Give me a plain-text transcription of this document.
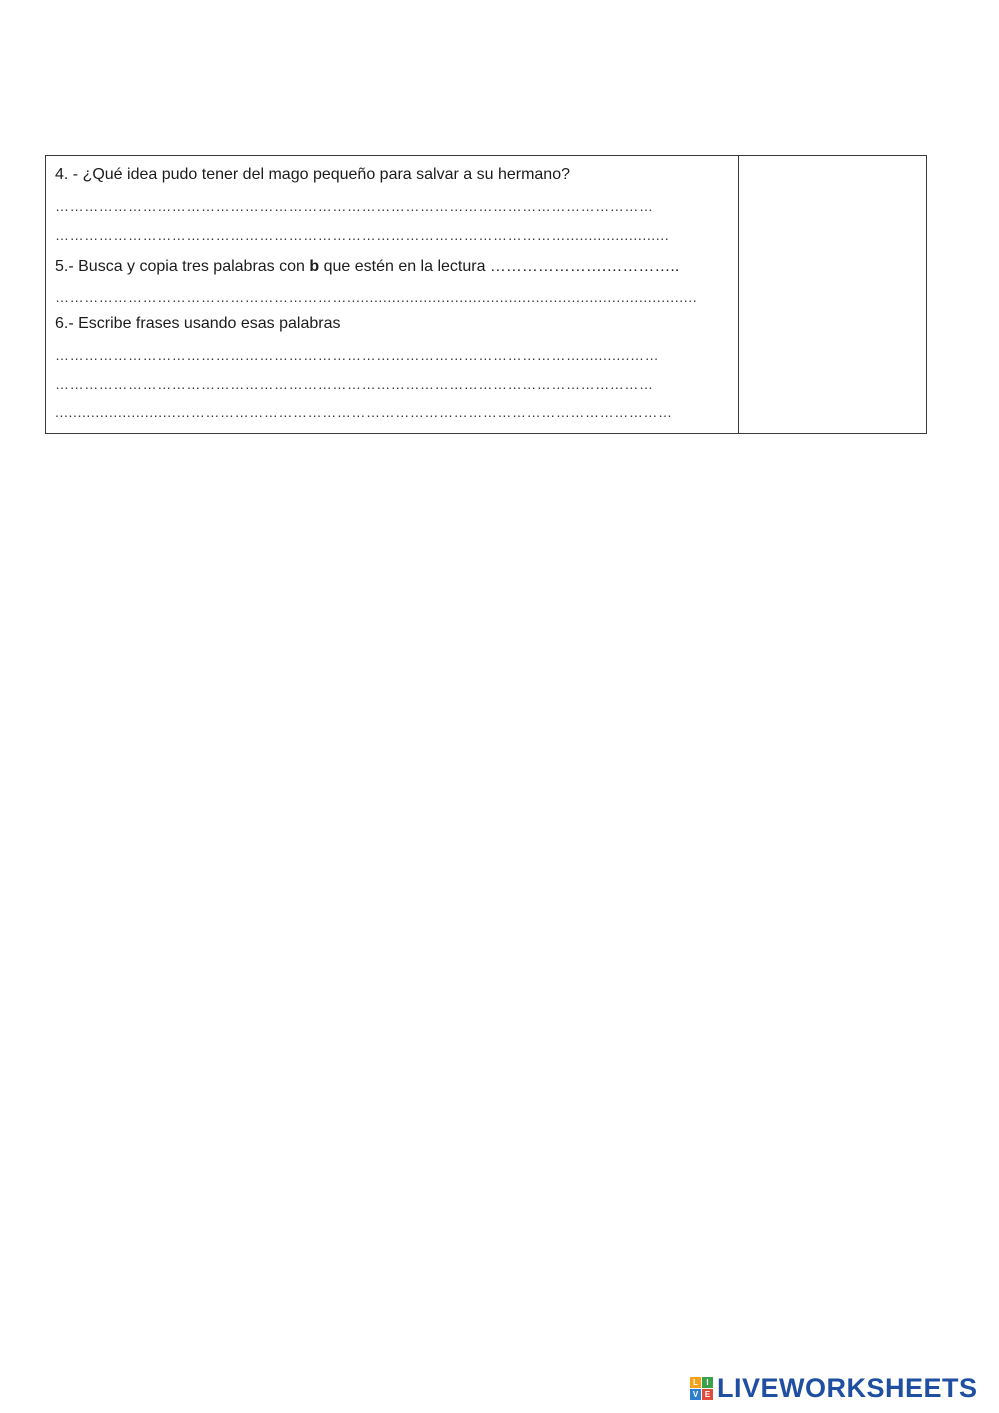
4. - ¿Qué idea pudo tener del mago pequeño para salvar a su hermano?
……………………………………………………………………………………………………………
…………………………………………………………………………………………….......................
5.- Busca y copia tres palabras con b que estén en la lectura ………………….…………..
……………………………………………………..............................................................................
6.- Escribe frases usando esas palabras
………………………………………………………………………………………………...........……
……………………………………………………………………………………………………………
...........................…………………………………………………………………………………………
L	I
V E LIVEWORKSHEETS
